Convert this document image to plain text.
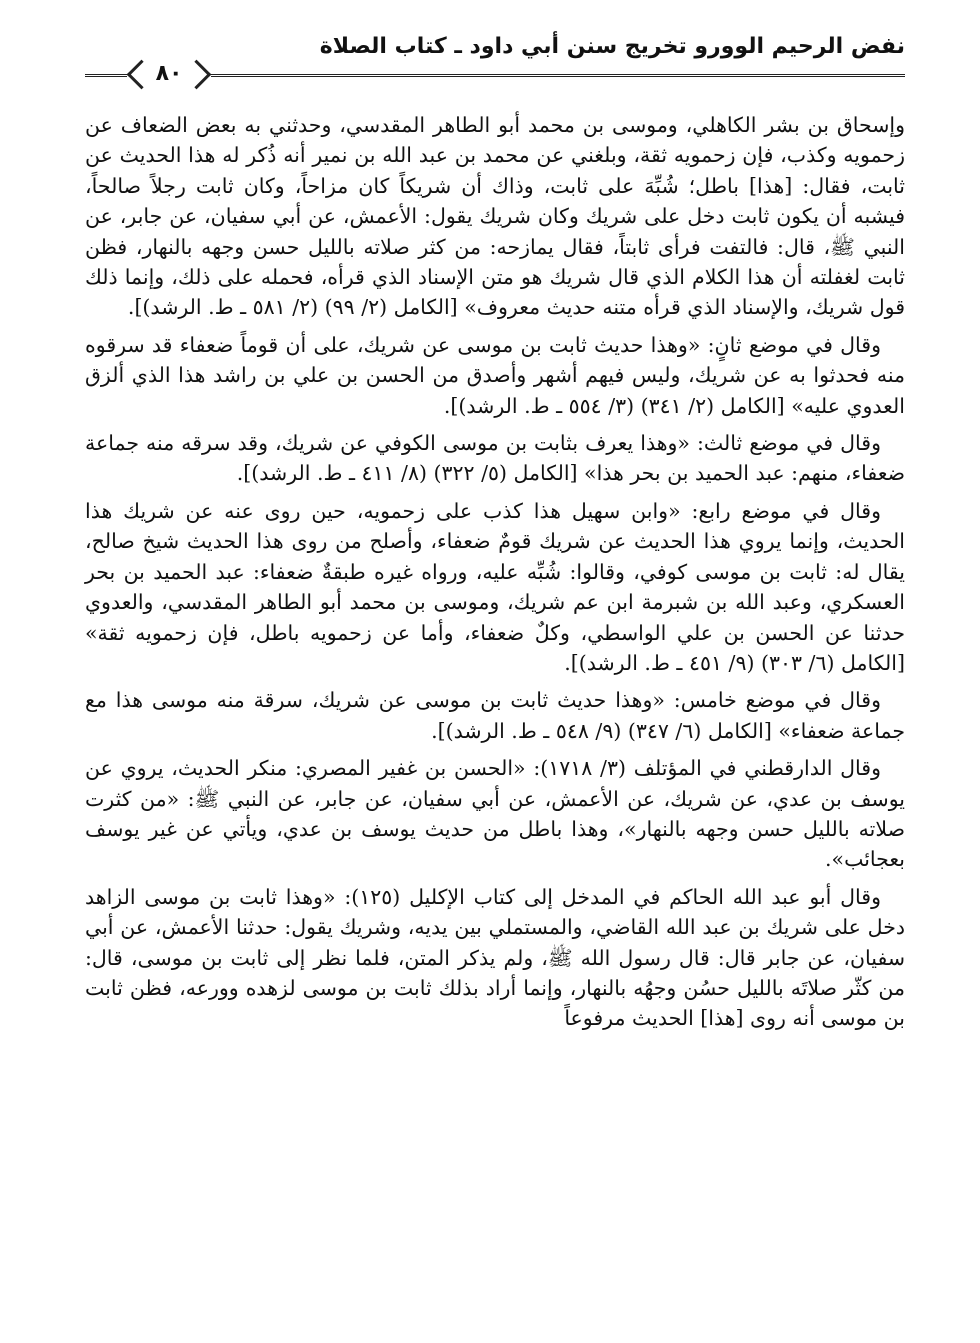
نفض الرحيم الوورو تخريج سنن أبي داود ـ كتاب الصلاة
٨٠

وإسحاق بن بشر الكاهلي، وموسى بن محمد أبو الطاهر المقدسي، وحدثني به بعض الضعاف عن زحمويه وكذب، فإن زحمويه ثقة، وبلغني عن محمد بن عبد الله بن نمير أنه ذُكر له هذا الحديث عن ثابت، فقال: [هذا] باطل؛ شُبِّهَ على ثابت، وذاك أن شريكاً كان مزاحاً، وكان ثابت رجلاً صالحاً، فيشبه أن يكون ثابت دخل على شريك وكان شريك يقول: الأعمش، عن أبي سفيان، عن جابر، عن النبي ﷺ، قال: فالتفت فرأى ثابتاً، فقال يمازحه: من كثر صلاته بالليل حسن وجهه بالنهار، فظن ثابت لغفلته أن هذا الكلام الذي قال شريك هو متن الإسناد الذي قرأه، فحمله على ذلك، وإنما ذلك قول شريك، والإسناد الذي قرأه متنه حديث معروف» [الكامل (٢/ ٩٩) (٢/ ٥٨١ ـ ط. الرشد)].

وقال في موضع ثانٍ: «وهذا حديث ثابت بن موسى عن شريك، على أن قوماً ضعفاء قد سرقوه منه فحدثوا به عن شريك، وليس فيهم أشهر وأصدق من الحسن بن علي بن راشد هذا الذي ألزق العدوي عليه» [الكامل (٢/ ٣٤١) (٣/ ٥٥٤ ـ ط. الرشد)].

وقال في موضع ثالث: «وهذا يعرف بثابت بن موسى الكوفي عن شريك، وقد سرقه منه جماعة ضعفاء، منهم: عبد الحميد بن بحر هذا» [الكامل (٥/ ٣٢٢) (٨/ ٤١١ ـ ط. الرشد)].

وقال في موضع رابع: «وابن سهيل هذا كذب على زحمويه، حين روى عنه عن شريك هذا الحديث، وإنما يروي هذا الحديث عن شريك قومٌ ضعفاء، وأصلح من روى هذا الحديث شيخ صالح، يقال له: ثابت بن موسى كوفي، وقالوا: شُبِّه عليه، ورواه غيره طبقةٌ ضعفاء: عبد الحميد بن بحر العسكري، وعبد الله بن شبرمة ابن عم شريك، وموسى بن محمد أبو الطاهر المقدسي، والعدوي حدثنا عن الحسن بن علي الواسطي، وكلٌ ضعفاء، وأما عن زحمويه باطل، فإن زحمويه ثقة» [الكامل (٦/ ٣٠٣) (٩/ ٤٥١ ـ ط. الرشد)].

وقال في موضع خامس: «وهذا حديث ثابت بن موسى عن شريك، سرقة منه موسى هذا مع جماعة ضعفاء» [الكامل (٦/ ٣٤٧) (٩/ ٥٤٨ ـ ط. الرشد)].

وقال الدارقطني في المؤتلف (٣/ ١٧١٨): «الحسن بن غفير المصري: منكر الحديث، يروي عن يوسف بن عدي، عن شريك، عن الأعمش، عن أبي سفيان، عن جابر، عن النبي ﷺ: «من كثرت صلاته بالليل حسن وجهه بالنهار»، وهذا باطل من حديث يوسف بن عدي، ويأتي عن غير يوسف بعجائب».

وقال أبو عبد الله الحاكم في المدخل إلى كتاب الإكليل (١٢٥): «وهذا ثابت بن موسى الزاهد دخل على شريك بن عبد الله القاضي، والمستملي بين يديه، وشريك يقول: حدثنا الأعمش، عن أبي سفيان، عن جابر قال: قال رسول الله ﷺ، ولم يذكر المتن، فلما نظر إلى ثابت بن موسى، قال: من كثّر صلاتَه بالليل حسُن وجهُه بالنهار، وإنما أراد بذلك ثابت بن موسى لزهده وورعه، فظن ثابت بن موسى أنه روى [هذا] الحديث مرفوعاً
